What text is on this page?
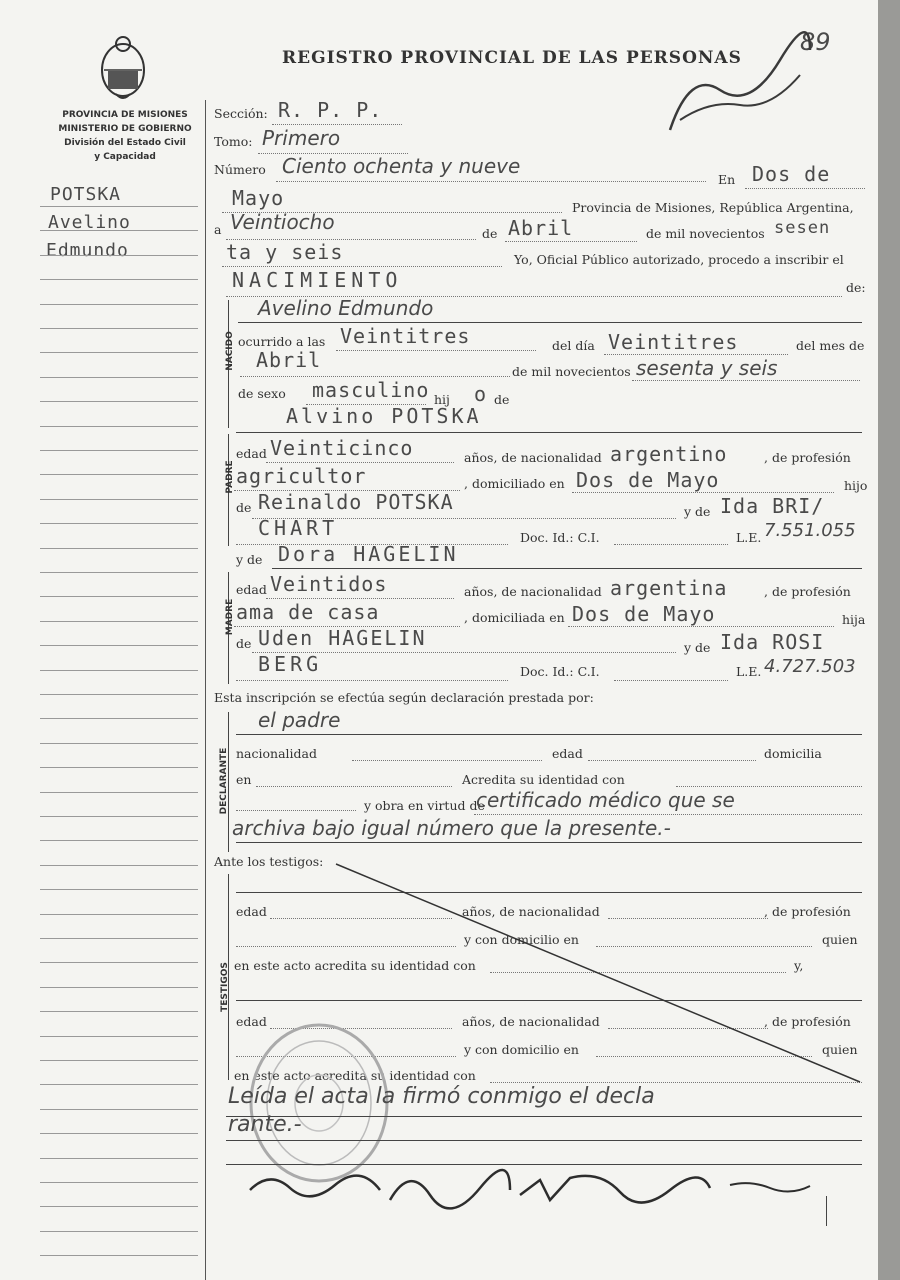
PROVINCIA DE MISIONES
MINISTERIO DE GOBIERNO
División del Estado Civil
y Capacidad
REGISTRO PROVINCIAL DE LAS PERSONAS
89
POTSKA
Avelino
Edmundo
Sección: R. P. P.
Tomo: Primero
Número Ciento ochenta y nueve
En Dos de
Mayo	Provincia de Misiones, República Argentina,
a Veintiocho	de Abril	de mil novecientos sesen
ta y seis	Yo, Oficial Público autorizado, procedo a inscribir el
NACIMIENTO	de:
NACIDO
Avelino Edmundo
ocurrido a las Veintitres	del día Veintitres	del mes de
Abril	de mil novecientos sesenta y seis
de sexo masculino hij o de
PADRE
Alvino POTSKA
edad Veinticinco	años, de nacionalidad argentino	, de profesión
agricultor	, domiciliado en Dos de Mayo	hijo
de Reinaldo POTSKA	y de Ida BRI/
CHART	Doc. Id.: C.I.	L.E. 7.551.055
MADRE
y de Dora HAGELIN
edad Veintidos	años, de nacionalidad argentina	, de profesión
ama de casa	, domiciliada en Dos de Mayo	hija
de Uden HAGELIN	y de Ida ROSI
BERG	Doc. Id.: C.I.	L.E. 4.727.503
Esta inscripción se efectúa según declaración prestada por:
DECLARANTE
el padre
nacionalidad	edad	domicilia
en	Acredita su identidad con
y obra en virtud de
certificado médico que se
archiva bajo igual número que la presente.-
Ante los testigos:
TESTIGOS
edad	años, de nacionalidad	, de profesión
y con domicilio en	quien
en este acto acredita su identidad con	y,
edad	años, de nacionalidad	, de profesión
y con domicilio en	quien
en este acto acredita su identidad con
Leída el acta la firmó conmigo el decla
rante.-
